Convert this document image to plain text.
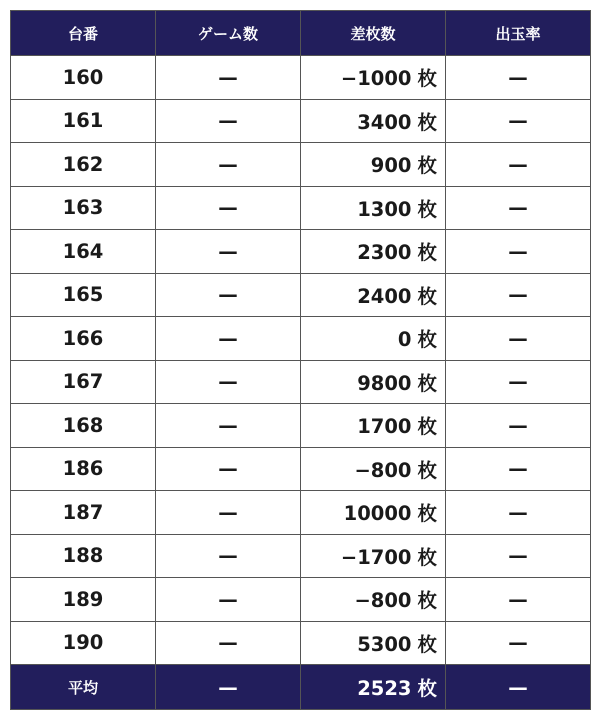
台番	ゲーム数	差枚数	出玉率
160	—	−1000 枚	—
161	—	3400 枚	—
162	—	900 枚	—
163	—	1300 枚	—
164	—	2300 枚	—
165	—	2400 枚	—
166	—	0 枚	—
167	—	9800 枚	—
168	—	1700 枚	—
186	—	−800 枚	—
187	—	10000 枚	—
188	—	−1700 枚	—
189	—	−800 枚	—
190	—	5300 枚	—
平均	—	2523 枚	—
